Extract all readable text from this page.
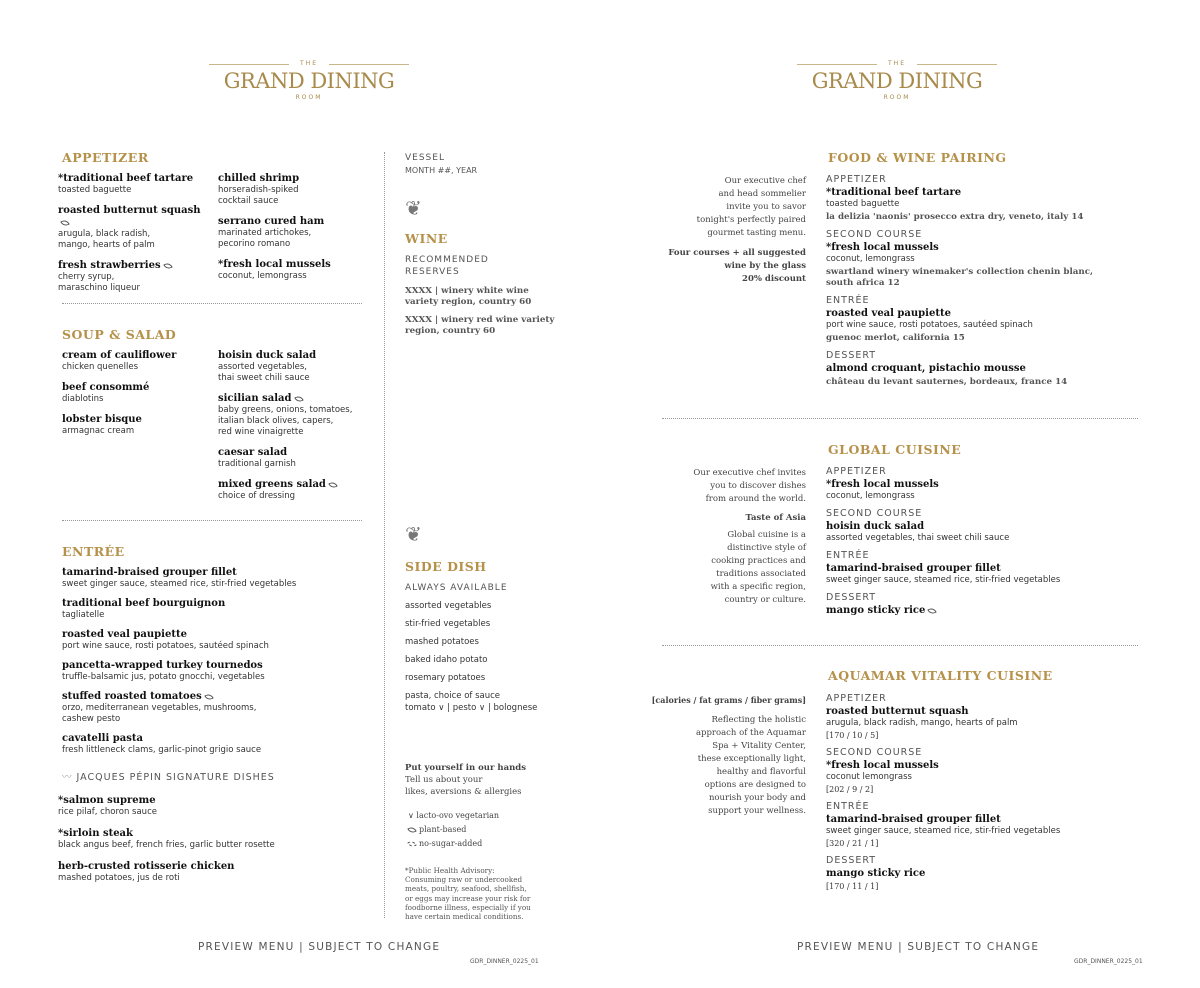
THE
GRAND DINING
ROOM
THE
GRAND DINING
ROOM
APPETIZER
*traditional beef tartare
toasted baguette
roasted butternut squash
arugula, black radish,
mango, hearts of palm
fresh strawberries
cherry syrup,
maraschino liqueur
chilled shrimp
horseradish-spiked
cocktail sauce
serrano cured ham
marinated artichokes,
pecorino romano
*fresh local mussels
coconut, lemongrass
SOUP & SALAD
cream of cauliflower
chicken quenelles
beef consommé
diablotins
lobster bisque
armagnac cream
hoisin duck salad
assorted vegetables,
thai sweet chili sauce
sicilian salad
baby greens, onions, tomatoes,
italian black olives, capers,
red wine vinaigrette
caesar salad
traditional garnish
mixed greens salad
choice of dressing
ENTRÉE
tamarind-braised grouper fillet
sweet ginger sauce, steamed rice, stir-fried vegetables
traditional beef bourguignon
tagliatelle
roasted veal paupiette
port wine sauce, rosti potatoes, sautéed spinach
pancetta-wrapped turkey tournedos
truffle-balsamic jus, potato gnocchi, vegetables
stuffed roasted tomatoes
orzo, mediterranean vegetables, mushrooms,
cashew pesto
cavatelli pasta
fresh littleneck clams, garlic-pinot grigio sauce
〰 JACQUES PÉPIN SIGNATURE DISHES
*salmon supreme
rice pilaf, choron sauce
*sirloin steak
black angus beef, french fries, garlic butter rosette
herb-crusted rotisserie chicken
mashed potatoes, jus de roti
VESSEL
MONTH ##, YEAR
❦
WINE
RECOMMENDED
RESERVES
XXXX | winery white wine
variety region, country 60
XXXX | winery red wine variety
region, country 60
❦
SIDE DISH
ALWAYS AVAILABLE
assorted vegetables
stir-fried vegetables
mashed potatoes
baked idaho potato
rosemary potatoes
pasta, choice of sauce
tomato ∨ | pesto ∨ | bolognese
Put yourself in our hands
Tell us about your
likes, aversions & allergies
∨ lacto-ovo vegetarian
plant-based
no-sugar-added
*Public Health Advisory:
Consuming raw or undercooked
meats, poultry, seafood, shellfish,
or eggs may increase your risk for
foodborne illness, especially if you
have certain medical conditions.
PREVIEW MENU | SUBJECT TO CHANGE
GDR_DINNER_0225_01
FOOD & WINE PAIRING
Our executive chef
and head sommelier
invite you to savor
tonight's perfectly paired
gourmet tasting menu.
Four courses + all suggested
wine by the glass
20% discount
APPETIZER
*traditional beef tartare
toasted baguette
la delizia 'naonis' prosecco extra dry, veneto, italy 14
SECOND COURSE
*fresh local mussels
coconut, lemongrass
swartland winery winemaker's collection chenin blanc,
south africa 12
ENTRÉE
roasted veal paupiette
port wine sauce, rosti potatoes, sautéed spinach
guenoc merlot, california 15
DESSERT
almond croquant, pistachio mousse
château du levant sauternes, bordeaux, france 14
GLOBAL CUISINE
Our executive chef invites
you to discover dishes
from around the world.
Taste of Asia
Global cuisine is a
distinctive style of
cooking practices and
traditions associated
with a specific region,
country or culture.
APPETIZER
*fresh local mussels
coconut, lemongrass
SECOND COURSE
hoisin duck salad
assorted vegetables, thai sweet chili sauce
ENTRÉE
tamarind-braised grouper fillet
sweet ginger sauce, steamed rice, stir-fried vegetables
DESSERT
mango sticky rice
AQUAMAR VITALITY CUISINE
[calories / fat grams / fiber grams]
Reflecting the holistic
approach of the Aquamar
Spa + Vitality Center,
these exceptionally light,
healthy and flavorful
options are designed to
nourish your body and
support your wellness.
APPETIZER
roasted butternut squash
arugula, black radish, mango, hearts of palm
[170 / 10 / 5]
SECOND COURSE
*fresh local mussels
coconut lemongrass
[202 / 9 / 2]
ENTRÉE
tamarind-braised grouper fillet
sweet ginger sauce, steamed rice, stir-fried vegetables
[320 / 21 / 1]
DESSERT
mango sticky rice
[170 / 11 / 1]
PREVIEW MENU | SUBJECT TO CHANGE
GDR_DINNER_0225_01
